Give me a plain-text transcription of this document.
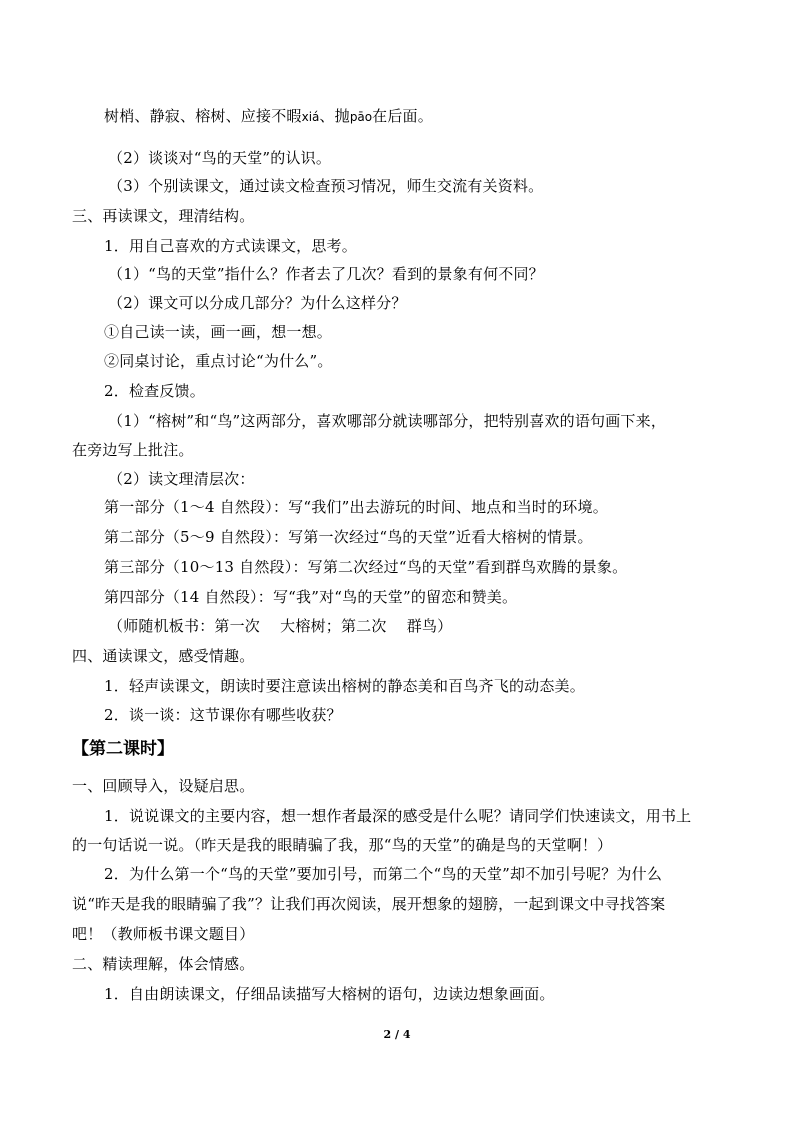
树梢、静寂、榕树、应接不暇xiá、抛pāo在后面。
（2）谈谈对“鸟的天堂”的认识。
（3）个别读课文，通过读文检查预习情况，师生交流有关资料。
三、再读课文，理清结构。
1．用自己喜欢的方式读课文，思考。
（1）“鸟的天堂”指什么？作者去了几次？看到的景象有何不同？
（2）课文可以分成几部分？为什么这样分？
①自己读一读，画一画，想一想。
②同桌讨论，重点讨论“为什么”。
2．检查反馈。
（1）“榕树”和“鸟”这两部分，喜欢哪部分就读哪部分，把特别喜欢的语句画下来，
在旁边写上批注。
（2）读文理清层次：
第一部分（1～4 自然段）：写“我们”出去游玩的时间、地点和当时的环境。
第二部分（5～9 自然段）：写第一次经过“鸟的天堂”近看大榕树的情景。
第三部分（10～13 自然段）：写第二次经过“鸟的天堂”看到群鸟欢腾的景象。
第四部分（14 自然段）：写“我”对“鸟的天堂”的留恋和赞美。
（师随机板书：第一次　 大榕树；第二次　 群鸟）
四、通读课文，感受情趣。
1．轻声读课文，朗读时要注意读出榕树的静态美和百鸟齐飞的动态美。
2．谈一谈：这节课你有哪些收获？
【第二课时】
一、回顾导入，设疑启思。
1．说说课文的主要内容，想一想作者最深的感受是什么呢？请同学们快速读文，用书上
的一句话说一说。（昨天是我的眼睛骗了我，那“鸟的天堂”的确是鸟的天堂啊！）
2．为什么第一个“鸟的天堂”要加引号，而第二个“鸟的天堂”却不加引号呢？为什么
说“昨天是我的眼睛骗了我”？让我们再次阅读，展开想象的翅膀，一起到课文中寻找答案
吧！（教师板书课文题目）
二、精读理解，体会情感。
1．自由朗读课文，仔细品读描写大榕树的语句，边读边想象画面。
2 / 4
